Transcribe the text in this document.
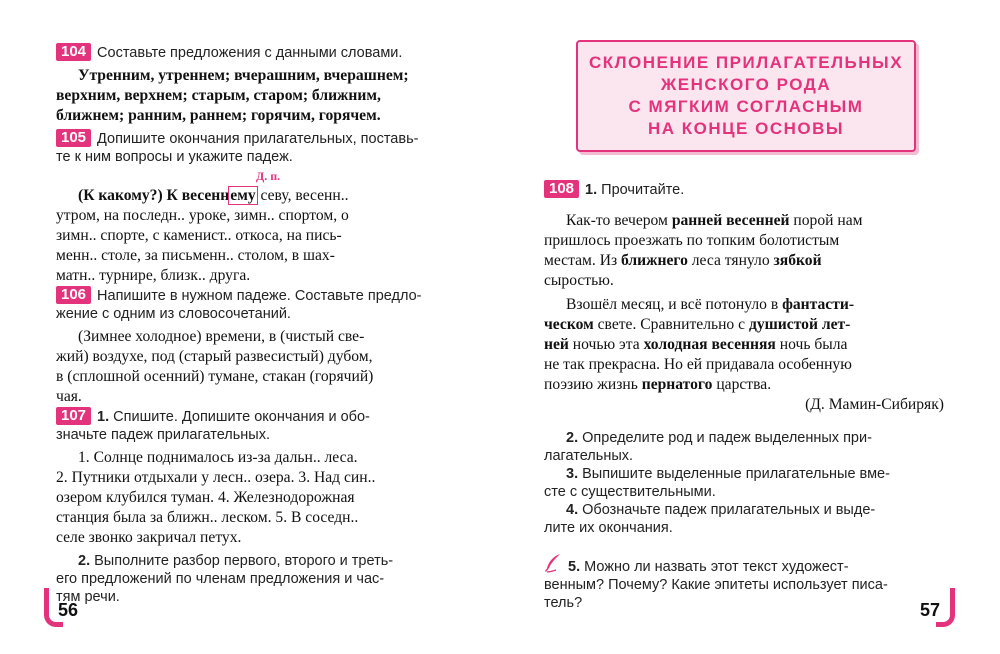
104 Составьте предложения с данными словами.
Утренним, утреннем; вчерашним, вчерашнем;
верхним, верхнем; старым, старом; ближним,
ближнем; ранним, раннем; горячим, горячем.
105 Допишите окончания прилагательных, поставь-
те к ним вопросы и укажите падеж.
Д. п.
(К какому?) К весеннему севу, весенн..
утром, на последн.. уроке, зимн.. спортом, о
зимн.. спорте, с каменист.. откоса, на пись-
менн.. столе, за письменн.. столом, в шах-
матн.. турнире, близк.. друга.
106 Напишите в нужном падеже. Составьте предло-
жение с одним из словосочетаний.
(Зимнее холодное) времени, в (чистый све-
жий) воздухе, под (старый развесистый) дубом,
в (сплошной осенний) тумане, стакан (горячий)
чая.
107 1. Спишите. Допишите окончания и обо-
значьте падеж прилагательных.
1. Солнце поднималось из-за дальн.. леса.
2. Путники отдыхали у лесн.. озера. 3. Над син..
озером клубился туман. 4. Железнодорожная
станция была за ближн.. леском. 5. В соседн..
селе звонко закричал петух.
2. Выполните разбор первого, второго и треть-
его предложений по членам предложения и час-
тям речи.
56
СКЛОНЕНИЕ ПРИЛАГАТЕЛЬНЫХ
ЖЕНСКОГО РОДА
С МЯГКИМ СОГЛАСНЫМ
НА КОНЦЕ ОСНОВЫ
108 1. Прочитайте.
Как-то вечером ранней весенней порой нам
пришлось проезжать по топким болотистым
местам. Из ближнего леса тянуло зябкой
сыростью.
Взошёл месяц, и всё потонуло в фантасти-
ческом свете. Сравнительно с душистой лет-
ней ночью эта холодная весенняя ночь была
не так прекрасна. Но ей придавала особенную
поэзию жизнь пернатого царства.
(Д. Мамин-Сибиряк)
2. Определите род и падеж выделенных при-
лагательных.
3. Выпишите выделенные прилагательные вме-
сте с существительными.
4. Обозначьте падеж прилагательных и выде-
лите их окончания.
5. Можно ли назвать этот текст художест-
венным? Почему? Какие эпитеты использует писа-
тель?	57
